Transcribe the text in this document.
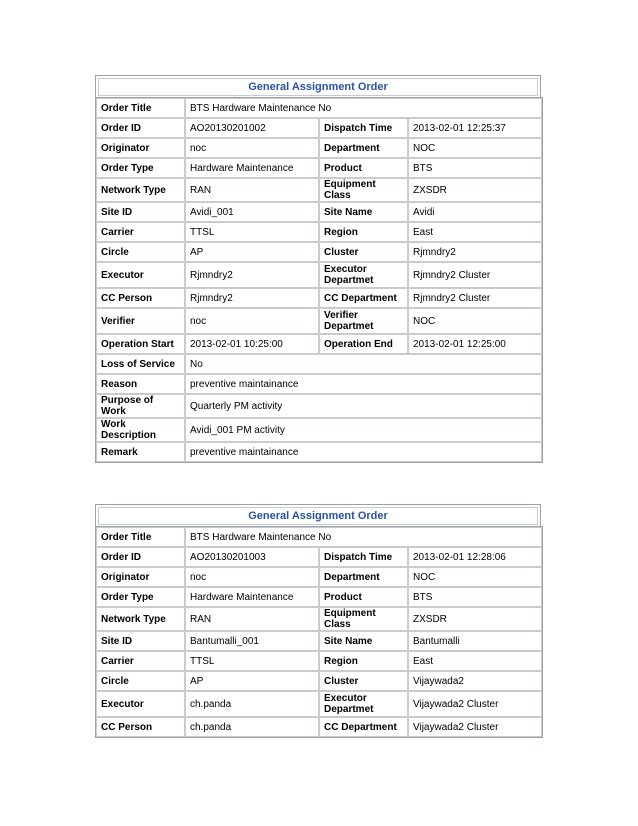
General Assignment Order
Order Title	BTS Hardware Maintenance No		
Order ID	AO20130201002	Dispatch Time	2013-02-01 12:25:37
Originator	noc	Department	NOC
Order Type	Hardware Maintenance	Product	BTS
Network Type	RAN	Equipment Class	ZXSDR
Site ID	Avidi_001	Site Name	Avidi
Carrier	TTSL	Region	East
Circle	AP	Cluster	Rjmndry2
Executor	Rjmndry2	Executor Departmet	Rjmndry2 Cluster
CC Person	Rjmndry2	CC Department	Rjmndry2 Cluster
Verifier	noc	Verifier Departmet	NOC
Operation Start	2013-02-01 10:25:00	Operation End	2013-02-01 12:25:00
Loss of Service	No		
Reason	preventive maintainance		
Purpose of Work	Quarterly PM activity		
Work Description	Avidi_001 PM activity		
Remark	preventive maintainance		
General Assignment Order
Order Title	BTS Hardware Maintenance No		
Order ID	AO20130201003	Dispatch Time	2013-02-01 12:28:06
Originator	noc	Department	NOC
Order Type	Hardware Maintenance	Product	BTS
Network Type	RAN	Equipment Class	ZXSDR
Site ID	Bantumalli_001	Site Name	Bantumalli
Carrier	TTSL	Region	East
Circle	AP	Cluster	Vijaywada2
Executor	ch.panda	Executor Departmet	Vijaywada2 Cluster
CC Person	ch.panda	CC Department	Vijaywada2 Cluster
